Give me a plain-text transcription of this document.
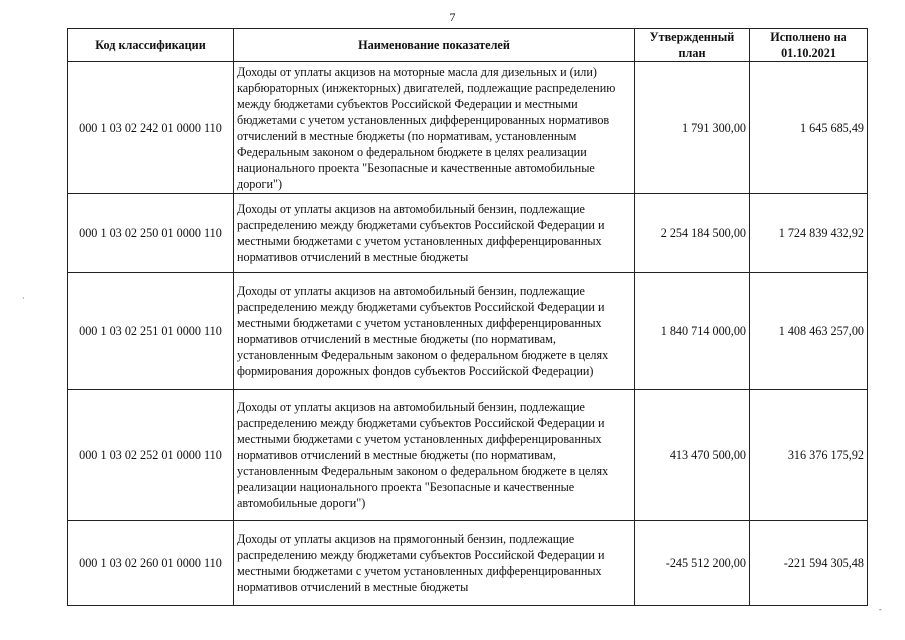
7
Код классификации	Наименование показателей	Утвержденный план	Исполнено на 01.10.2021
000 1 03 02 242 01 0000 110	Доходы от уплаты акцизов на моторные масла для дизельных и (или) карбюраторных (инжекторных) двигателей, подлежащие распределению между бюджетами субъектов Российской Федерации и местными бюджетами с учетом установленных дифференцированных нормативов отчислений в местные бюджеты (по нормативам, установленным Федеральным законом о федеральном бюджете в целях реализации национального проекта "Безопасные и качественные автомобильные дороги")	1 791 300,00	1 645 685,49
000 1 03 02 250 01 0000 110	Доходы от уплаты акцизов на автомобильный бензин, подлежащие распределению между бюджетами субъектов Российской Федерации и местными бюджетами с учетом установленных дифференцированных нормативов отчислений в местные бюджеты	2 254 184 500,00	1 724 839 432,92
000 1 03 02 251 01 0000 110	Доходы от уплаты акцизов на автомобильный бензин, подлежащие распределению между бюджетами субъектов Российской Федерации и местными бюджетами с учетом установленных дифференцированных нормативов отчислений в местные бюджеты (по нормативам, установленным Федеральным законом о федеральном бюджете в целях формирования дорожных фондов субъектов Российской Федерации)	1 840 714 000,00	1 408 463 257,00
000 1 03 02 252 01 0000 110	Доходы от уплаты акцизов на автомобильный бензин, подлежащие распределению между бюджетами субъектов Российской Федерации и местными бюджетами с учетом установленных дифференцированных нормативов отчислений в местные бюджеты (по нормативам, установленным Федеральным законом о федеральном бюджете в целях реализации национального проекта "Безопасные и качественные автомобильные дороги")	413 470 500,00	316 376 175,92
000 1 03 02 260 01 0000 110	Доходы от уплаты акцизов на прямогонный бензин, подлежащие распределению между бюджетами субъектов Российской Федерации и местными бюджетами с учетом установленных дифференцированных нормативов отчислений в местные бюджеты	-245 512 200,00	-221 594 305,48
·
-
